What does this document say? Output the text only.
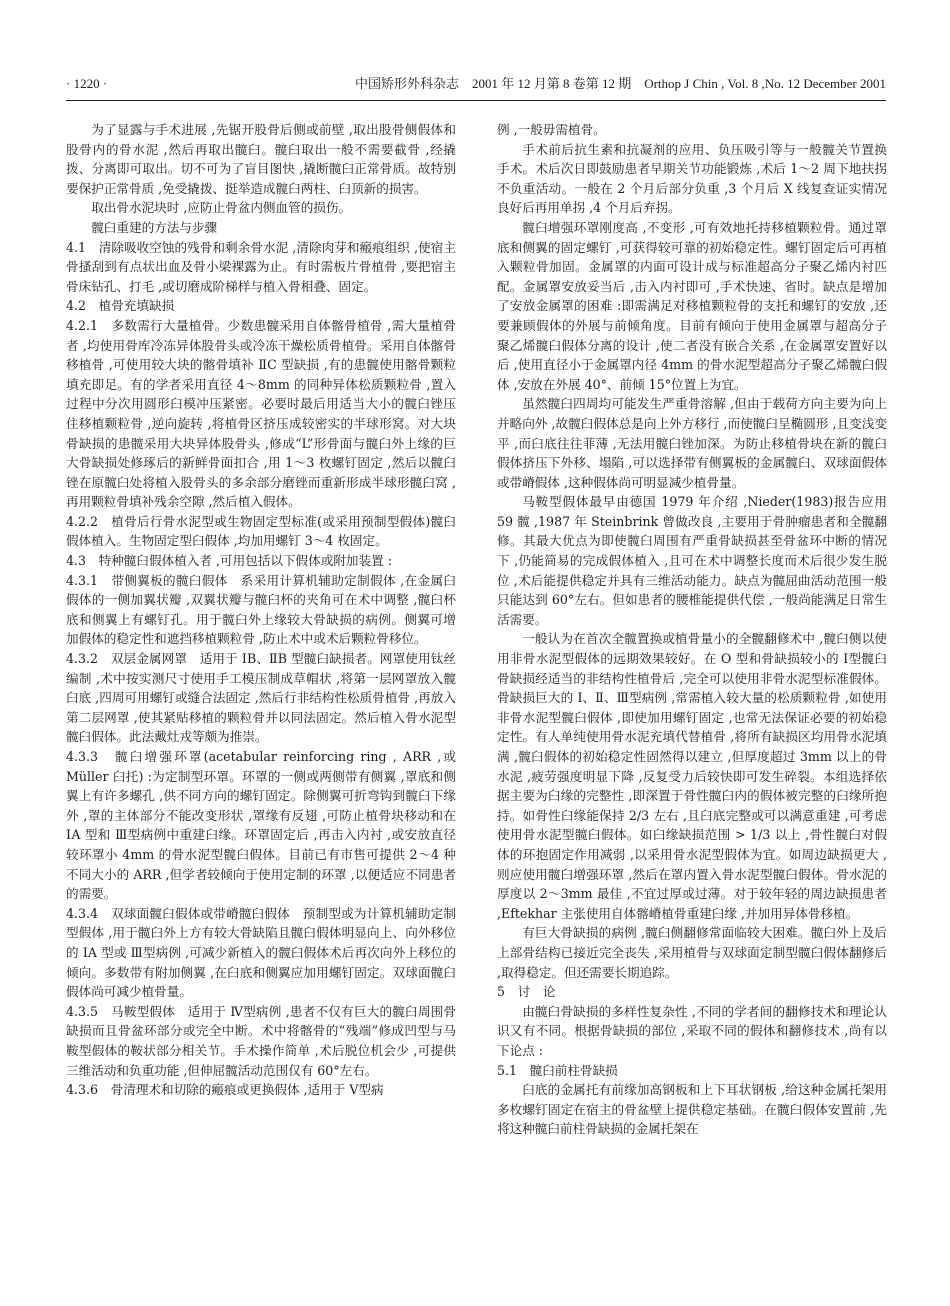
· 1220 ·	中国矫形外科杂志　2001 年 12 月第 8 卷第 12 期　Orthop J Chin , Vol. 8 ,No. 12 December 2001

为了显露与手术进展 ,先锯开股骨后侧或前壁 ,取出股骨侧假体和股骨内的骨水泥 ,然后再取出髋臼。髋臼取出一般不需要截骨 ,经撬拨、分离即可取出。切不可为了盲目图快 ,撬断髋臼正常骨质。故特别要保护正常骨质 ,免受撬拨、挺举造成髋臼两柱、臼顶新的损害。

取出骨水泥块时 ,应防止骨盆内侧血管的损伤。

髋臼重建的方法与步骤

4.1　清除吸收空蚀的残骨和剩余骨水泥 ,清除肉芽和瘢痕组织 ,使宿主骨搔刮到有点状出血及骨小梁裸露为止。有时需板片骨植骨 ,要把宿主骨床钻孔、打毛 ,或切磨成阶梯样与植入骨相叠、固定。

4.2　植骨充填缺损

4.2.1　多数需行大量植骨。少数患髋采用自体髂骨植骨 ,需大量植骨者 ,均使用骨库冷冻异体股骨头或冷冻干燥松质骨植骨。采用自体髂骨移植骨 ,可使用较大块的髂骨填补 ⅡC 型缺损 ,有的患髋使用髂骨颗粒填充即足。有的学者采用直径 4～8mm 的同种异体松质颗粒骨 ,置入过程中分次用圆形臼模冲压紧密。必要时最后用适当大小的髋臼锉压住移植颗粒骨 ,逆向旋转 ,将植骨区挤压成较密实的半球形窝。对大块骨缺损的患髋采用大块异体股骨头 ,修成“L”形骨面与髋臼外上缘的巨大骨缺损处修琢后的新鲜骨面扣合 ,用 1～3 枚螺钉固定 ,然后以髋臼锉在原髋臼处将植入股骨头的多余部分磨锉而重新形成半球形髋臼窝 ,再用颗粒骨填补残余空隙 ,然后植入假体。

4.2.2　植骨后行骨水泥型或生物固定型标准(或采用预制型假体)髋臼假体植入。生物固定型臼假体 ,均加用螺钉 3～4 枚固定。

4.3　特种髋臼假体植入者 ,可用包括以下假体或附加装置 :

4.3.1　带侧翼板的髋臼假体　系采用计算机辅助定制假体 ,在金属臼假体的一侧加翼状瓣 ,双翼状瓣与髋臼杯的夹角可在术中调整 ,髋臼杯底和侧翼上有螺钉孔。用于髋臼外上缘较大骨缺损的病例。侧翼可增加假体的稳定性和遮挡移植颗粒骨 ,防止术中或术后颗粒骨移位。

4.3.2　双层金属网罩　适用于 ⅠB、ⅡB 型髋臼缺损者。网罩使用钛丝编制 ,术中按实测尺寸使用手工模压制成草帽状 ,将第一层网罩放入髋臼底 ,四周可用螺钉或缝合法固定 ,然后行非结构性松质骨植骨 ,再放入第二层网罩 ,使其紧贴移植的颗粒骨并以同法固定。然后植入骨水泥型髋臼假体。此法戴灶戎等颇为推崇。

4.3.3　髋臼增强环罩(acetabular reinforcing ring , ARR ,或 Müller 臼托) :为定制型环罩。环罩的一侧或两侧带有侧翼 ,罩底和侧翼上有许多螺孔 ,供不同方向的螺钉固定。除侧翼可折弯钩到髋臼下缘外 ,罩的主体部分不能改变形状 ,罩缘有反翅 ,可防止植骨块移动和在 ⅠA 型和 Ⅲ型病例中重建臼缘。环罩固定后 ,再击入内衬 ,或安放直径较环罩小 4mm 的骨水泥型髋臼假体。目前已有市售可提供 2～4 种不同大小的 ARR ,但学者较倾向于使用定制的环罩 ,以便适应不同患者的需要。

4.3.4　双球面髋臼假体或带嵴髋臼假体　预制型或为计算机辅助定制型假体 ,用于髋臼外上方有较大骨缺陷且髋臼假体明显向上、向外移位的 ⅠA 型或 Ⅲ型病例 ,可减少新植入的髋臼假体术后再次向外上移位的倾向。多数带有附加侧翼 ,在臼底和侧翼应加用螺钉固定。双球面髋臼假体尚可减少植骨量。

4.3.5　马鞍型假体　适用于 Ⅳ型病例 ,患者不仅有巨大的髋臼周围骨缺损而且骨盆环部分或完全中断。术中将髂骨的“残端”修成凹型与马鞍型假体的鞍状部分相关节。手术操作简单 ,术后脱位机会少 ,可提供三维活动和负重功能 ,但伸屈髋活动范围仅有 60°左右。

4.3.6　骨清理术和切除的瘢痕或更换假体 ,适用于 Ⅴ型病

例 ,一般毋需植骨。

手术前后抗生素和抗凝剂的应用、负压吸引等与一般髋关节置换手术。术后次日即鼓励患者早期关节功能锻炼 ,术后 1～2 周下地扶拐不负重活动。一般在 2 个月后部分负重 ,3 个月后 X 线复查证实情况良好后再用单拐 ,4 个月后弃拐。

髋臼增强环罩刚度高 ,不变形 ,可有效地托持移植颗粒骨。通过罩底和侧翼的固定螺钉 ,可获得较可靠的初始稳定性。螺钉固定后可再植入颗粒骨加固。金属罩的内面可设计成与标准超高分子聚乙烯内衬匹配。金属罩安放妥当后 ,击入内衬即可 ,手术快速、省时。缺点是增加了安放金属罩的困难 :即需满足对移植颗粒骨的支托和螺钉的安放 ,还要兼顾假体的外展与前倾角度。目前有倾向于使用金属罩与超高分子聚乙烯髋臼假体分离的设计 ,使二者没有嵌合关系 ,在金属罩安置好以后 ,使用直径小于金属罩内径 4mm 的骨水泥型超高分子聚乙烯髋臼假体 ,安放在外展 40°、前倾 15°位置上为宜。

虽然髋臼四周均可能发生严重骨溶解 ,但由于载荷方向主要为向上并略向外 ,故髋臼假体总是向上外方移行 ,而使髋臼呈椭圆形 ,且变浅变平 ,而臼底往往菲薄 ,无法用髋臼锉加深。为防止移植骨块在新的髋臼假体挤压下外移、塌陷 ,可以选择带有侧翼板的金属髋臼、双球面假体或带嵴假体 ,这种假体尚可明显减少植骨量。

马鞍型假体最早由德国 1979 年介绍 ,Nieder(1983)报告应用 59 髋 ,1987 年 Steinbrink 曾做改良 ,主要用于骨肿瘤患者和全髋翻修。其最大优点为即使髋臼周围有严重骨缺损甚至骨盆环中断的情况下 ,仍能简易的完成假体植入 ,且可在术中调整长度而术后很少发生脱位 ,术后能提供稳定并具有三维活动能力。缺点为髋屈曲活动范围一般只能达到 60°左右。但如患者的腰椎能提供代偿 ,一般尚能满足日常生活需要。

一般认为在首次全髋置换或植骨量小的全髋翻修术中 ,髋臼侧以使用非骨水泥型假体的远期效果较好。在 O 型和骨缺损较小的 Ⅰ型髋臼骨缺损经适当的非结构性植骨后 ,完全可以使用非骨水泥型标准假体。骨缺损巨大的 Ⅰ、Ⅱ、Ⅲ型病例 ,常需植入较大量的松质颗粒骨 ,如使用非骨水泥型髋臼假体 ,即使加用螺钉固定 ,也常无法保证必要的初始稳定性。有人单纯使用骨水泥充填代替植骨 ,将所有缺损区均用骨水泥填满 ,髋臼假体的初始稳定性固然得以建立 ,但厚度超过 3mm 以上的骨水泥 ,疲劳强度明显下降 ,反复受力后较快即可发生碎裂。本组选择依据主要为臼缘的完整性 ,即深置于骨性髋臼内的假体被完整的臼缘所抱持。如骨性臼缘能保持 2/3 左右 ,且臼底完整或可以满意重建 ,可考虑使用骨水泥型髋臼假体。如臼缘缺损范围 > 1/3 以上 ,骨性髋臼对假体的环抱固定作用减弱 ,以采用骨水泥型假体为宜。如周边缺损更大 ,则应使用髋臼增强环罩 ,然后在罩内置入骨水泥型髋臼假体。骨水泥的厚度以 2～3mm 最佳 ,不宜过厚或过薄。对于较年轻的周边缺损患者 ,Eftekhar 主张使用自体髂嵴植骨重建臼缘 ,并加用异体骨移植。

有巨大骨缺损的病例 ,髋臼侧翻修常面临较大困难。髋臼外上及后上部骨结构已接近完全丧失 ,采用植骨与双球面定制型髋臼假体翻修后 ,取得稳定。但还需要长期追踪。

5　讨　论

由髋臼骨缺损的多样性复杂性 ,不同的学者间的翻修技术和理论认识又有不同。根据骨缺损的部位 ,采取不同的假体和翻修技术 ,尚有以下论点 :

5.1　髋臼前柱骨缺损

臼底的金属托有前缘加高钢板和上下耳状钢板 ,给这种金属托架用多枚螺钉固定在宿主的骨盆壁上提供稳定基础。在髋臼假体安置前 ,先将这种髋臼前柱骨缺损的金属托架在
